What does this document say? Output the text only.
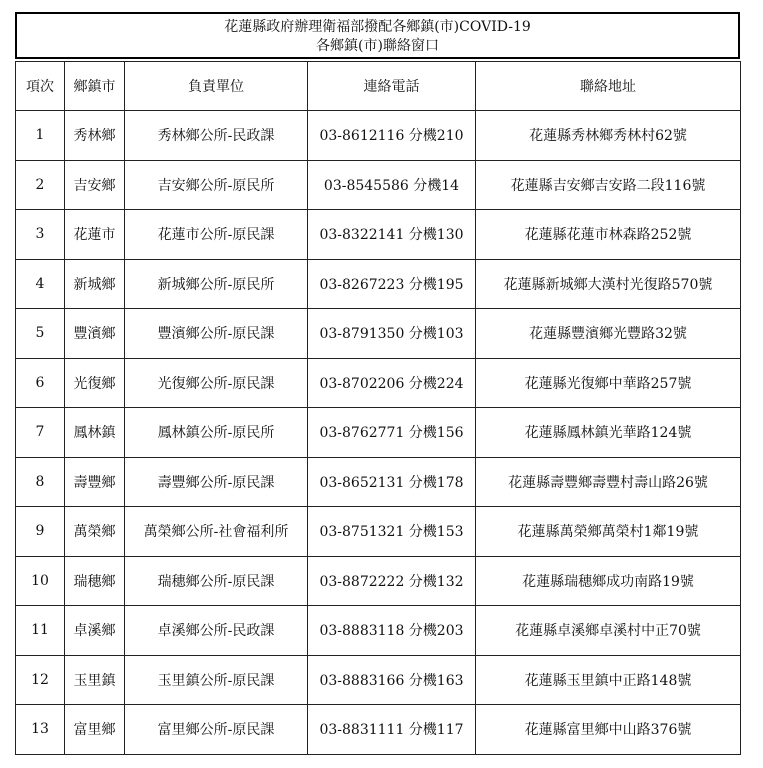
花蓮縣政府辦理衛福部撥配各鄉鎮(市)COVID-19
各鄉鎮(市)聯絡窗口
項次	鄉鎮市	負責單位	連絡電話	聯絡地址
1	秀林鄉	秀林鄉公所-民政課	03-8612116 分機210	花蓮縣秀林鄉秀林村62號
2	吉安鄉	吉安鄉公所-原民所	03-8545586 分機14	花蓮縣吉安鄉吉安路二段116號
3	花蓮市	花蓮市公所-原民課	03-8322141 分機130	花蓮縣花蓮市林森路252號
4	新城鄉	新城鄉公所-原民所	03-8267223 分機195	花蓮縣新城鄉大漢村光復路570號
5	豐濱鄉	豐濱鄉公所-原民課	03-8791350 分機103	花蓮縣豐濱鄉光豐路32號
6	光復鄉	光復鄉公所-原民課	03-8702206 分機224	花蓮縣光復鄉中華路257號
7	鳳林鎮	鳳林鎮公所-原民所	03-8762771 分機156	花蓮縣鳳林鎮光華路124號
8	壽豐鄉	壽豐鄉公所-原民課	03-8652131 分機178	花蓮縣壽豐鄉壽豐村壽山路26號
9	萬榮鄉	萬榮鄉公所-社會福利所	03-8751321 分機153	花蓮縣萬榮鄉萬榮村1鄰19號
10	瑞穗鄉	瑞穗鄉公所-原民課	03-8872222 分機132	花蓮縣瑞穗鄉成功南路19號
11	卓溪鄉	卓溪鄉公所-民政課	03-8883118 分機203	花蓮縣卓溪鄉卓溪村中正70號
12	玉里鎮	玉里鎮公所-原民課	03-8883166 分機163	花蓮縣玉里鎮中正路148號
13	富里鄉	富里鄉公所-原民課	03-8831111 分機117	花蓮縣富里鄉中山路376號
